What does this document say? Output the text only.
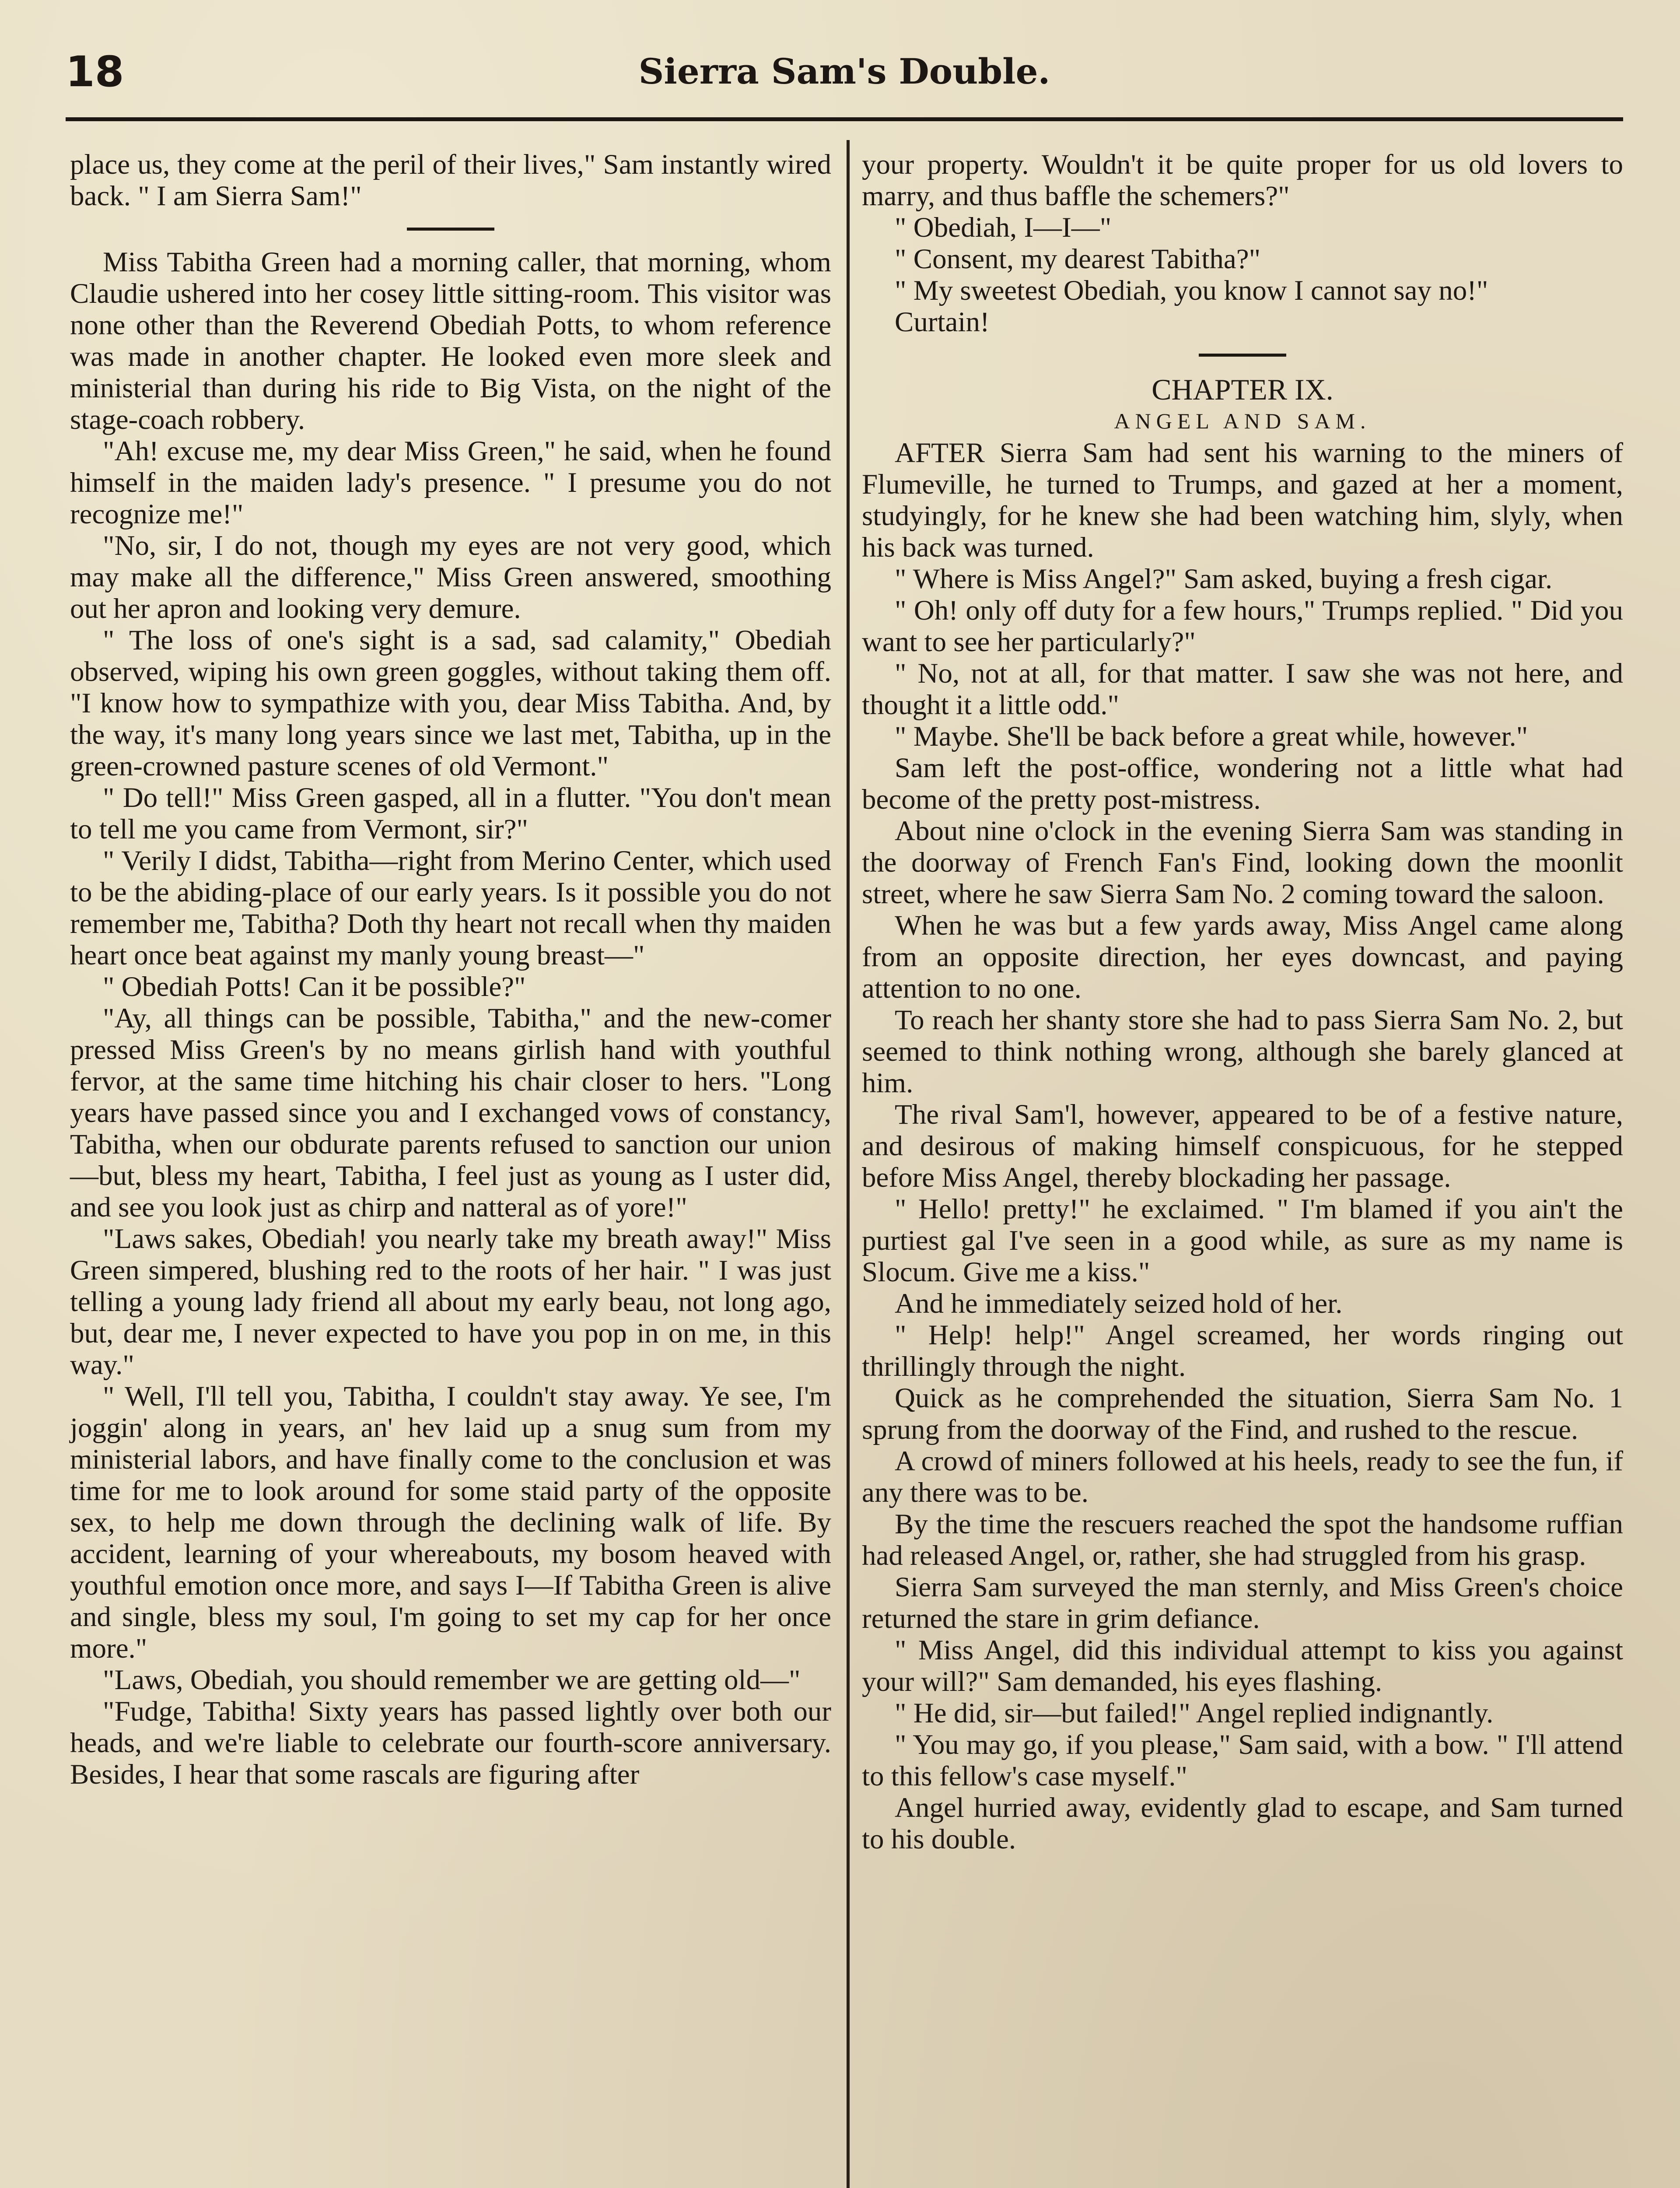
18	Sierra Sam's Double.

place us, they come at the peril of their lives," Sam instantly wired back. " I am Sierra Sam!"

Miss Tabitha Green had a morning caller, that morning, whom Claudie ushered into her cosey little sitting-room. This visitor was none other than the Reverend Obediah Potts, to whom reference was made in another chapter. He looked even more sleek and ministerial than during his ride to Big Vista, on the night of the stage-coach robbery.

"Ah! excuse me, my dear Miss Green," he said, when he found himself in the maiden lady's presence. " I presume you do not recognize me!"

"No, sir, I do not, though my eyes are not very good, which may make all the difference," Miss Green answered, smoothing out her apron and looking very demure.

" The loss of one's sight is a sad, sad calamity," Obediah observed, wiping his own green goggles, without taking them off. "I know how to sympathize with you, dear Miss Tabitha. And, by the way, it's many long years since we last met, Tabitha, up in the green-crowned pasture scenes of old Vermont."

" Do tell!" Miss Green gasped, all in a flutter. "You don't mean to tell me you came from Vermont, sir?"

" Verily I didst, Tabitha—right from Merino Center, which used to be the abiding-place of our early years. Is it possible you do not remember me, Tabitha? Doth thy heart not recall when thy maiden heart once beat against my manly young breast—"

" Obediah Potts! Can it be possible?"

"Ay, all things can be possible, Tabitha," and the new-comer pressed Miss Green's by no means girlish hand with youthful fervor, at the same time hitching his chair closer to hers. "Long years have passed since you and I exchanged vows of constancy, Tabitha, when our obdurate parents refused to sanction our union—but, bless my heart, Tabitha, I feel just as young as I uster did, and see you look just as chirp and natteral as of yore!"

"Laws sakes, Obediah! you nearly take my breath away!" Miss Green simpered, blushing red to the roots of her hair. " I was just telling a young lady friend all about my early beau, not long ago, but, dear me, I never expected to have you pop in on me, in this way."

" Well, I'll tell you, Tabitha, I couldn't stay away. Ye see, I'm joggin' along in years, an' hev laid up a snug sum from my ministerial labors, and have finally come to the conclusion et was time for me to look around for some staid party of the opposite sex, to help me down through the declining walk of life. By accident, learning of your whereabouts, my bosom heaved with youthful emotion once more, and says I—If Tabitha Green is alive and single, bless my soul, I'm going to set my cap for her once more."

"Laws, Obediah, you should remember we are getting old—"

"Fudge, Tabitha! Sixty years has passed lightly over both our heads, and we're liable to celebrate our fourth-score anniversary. Besides, I hear that some rascals are figuring after

your property. Wouldn't it be quite proper for us old lovers to marry, and thus baffle the schemers?"

" Obediah, I—I—"

" Consent, my dearest Tabitha?"

" My sweetest Obediah, you know I cannot say no!"

Curtain!

CHAPTER IX.
ANGEL AND SAM.

AFTER Sierra Sam had sent his warning to the miners of Flumeville, he turned to Trumps, and gazed at her a moment, studyingly, for he knew she had been watching him, slyly, when his back was turned.

" Where is Miss Angel?" Sam asked, buying a fresh cigar.

" Oh! only off duty for a few hours," Trumps replied. " Did you want to see her particularly?"

" No, not at all, for that matter. I saw she was not here, and thought it a little odd."

" Maybe. She'll be back before a great while, however."

Sam left the post-office, wondering not a little what had become of the pretty post-mistress.

About nine o'clock in the evening Sierra Sam was standing in the doorway of French Fan's Find, looking down the moonlit street, where he saw Sierra Sam No. 2 coming toward the saloon.

When he was but a few yards away, Miss Angel came along from an opposite direction, her eyes downcast, and paying attention to no one.

To reach her shanty store she had to pass Sierra Sam No. 2, but seemed to think nothing wrong, although she barely glanced at him.

The rival Sam'l, however, appeared to be of a festive nature, and desirous of making himself conspicuous, for he stepped before Miss Angel, thereby blockading her passage.

" Hello! pretty!" he exclaimed. " I'm blamed if you ain't the purtiest gal I've seen in a good while, as sure as my name is Slocum. Give me a kiss."

And he immediately seized hold of her.

" Help! help!" Angel screamed, her words ringing out thrillingly through the night.

Quick as he comprehended the situation, Sierra Sam No. 1 sprung from the doorway of the Find, and rushed to the rescue.

A crowd of miners followed at his heels, ready to see the fun, if any there was to be.

By the time the rescuers reached the spot the handsome ruffian had released Angel, or, rather, she had struggled from his grasp.

Sierra Sam surveyed the man sternly, and Miss Green's choice returned the stare in grim defiance.

" Miss Angel, did this individual attempt to kiss you against your will?" Sam demanded, his eyes flashing.

" He did, sir—but failed!" Angel replied indignantly.

" You may go, if you please," Sam said, with a bow. " I'll attend to this fellow's case myself."

Angel hurried away, evidently glad to escape, and Sam turned to his double.
